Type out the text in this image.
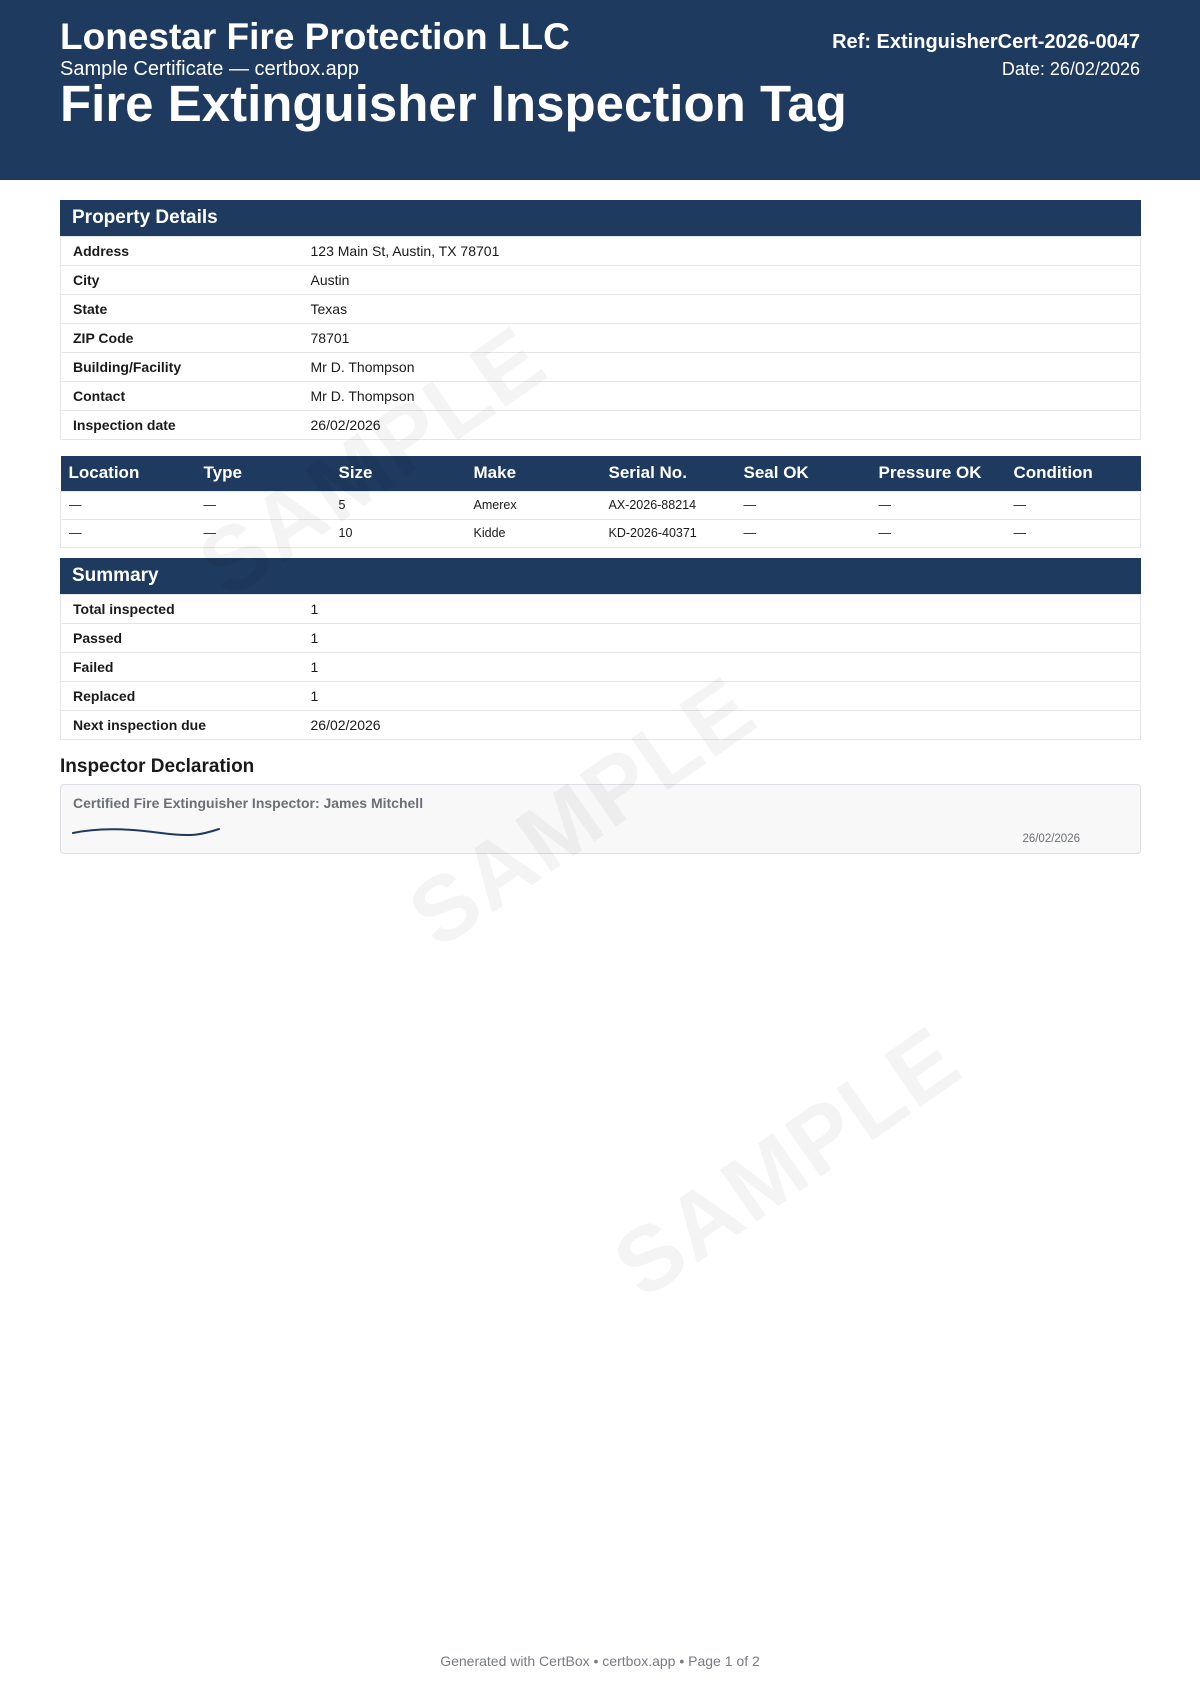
Lonestar Fire Protection LLC
Sample Certificate — certbox.app
Fire Extinguisher Inspection Tag
Ref: ExtinguisherCert-2026-0047
Date: 26/02/2026
Property Details
Address	123 Main St, Austin, TX 78701
City	Austin
State	Texas
ZIP Code	78701
Building/Facility	Mr D. Thompson
Contact	Mr D. Thompson
Inspection date	26/02/2026
Location	Type	Size	Make	Serial No.	Seal OK	Pressure OK	Condition
—	—	5	Amerex	AX-2026-88214	—	—	—
—	—	10	Kidde	KD-2026-40371	—	—	—
Summary
Total inspected	1
Passed	1
Failed	1
Replaced	1
Next inspection due	26/02/2026
Inspector Declaration
Certified Fire Extinguisher Inspector: James Mitchell
26/02/2026
Generated with CertBox • certbox.app • Page 1 of 2
